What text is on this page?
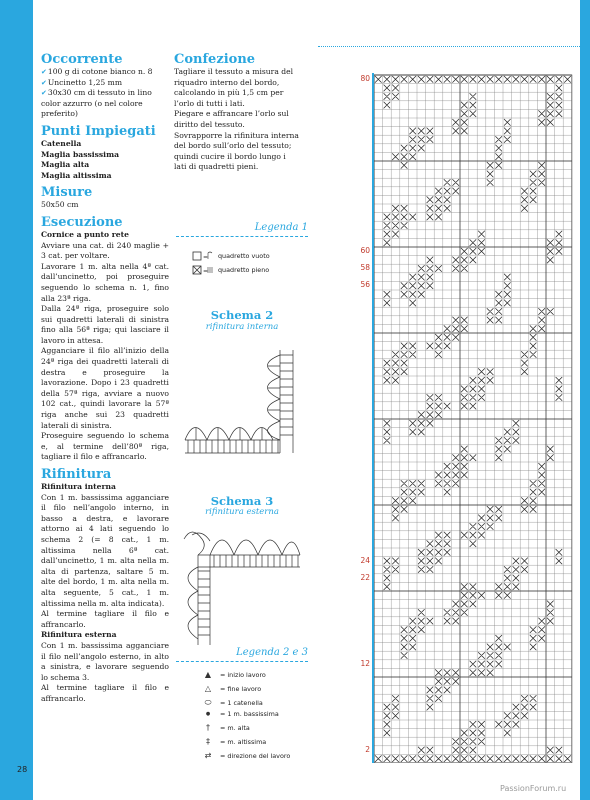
28
Occorrente
✔100 g di cotone bianco n. 8
✔Uncinetto 1,25 mm
✔30x30 cm di tessuto in lino color azzurro (o nel colore preferito)
Punti Impiegati
Catenella
Maglia bassissima
Maglia alta
Maglia altissima
Misure
50x50 cm
Esecuzione
Cornice a punto rete
Avviare una cat. di 240 maglie + 3 cat. per voltare.
Lavorare 1 m. alta nella 4ª cat. dall’uncinetto, poi proseguire seguendo lo schema n. 1, fino alla 23ª riga.
Dalla 24ª riga, proseguire solo sui quadretti laterali di sinistra fino alla 56ª riga; qui lasciare il lavoro in attesa.
Agganciare il filo all’inizio della 24ª riga dei quadretti laterali di destra e proseguire la lavorazione. Dopo i 23 quadretti della 57ª riga, avviare a nuovo 102 cat., quindi lavorare la 57ª riga anche sui 23 quadretti laterali di sinistra.
Proseguire seguendo lo schema e, al termine dell’80ª riga, tagliare il filo e affrancarlo.
Rifinitura
Rifinitura interna
Con 1 m. bassissima agganciare il filo nell’angolo interno, in basso a destra, e lavorare attorno ai 4 lati seguendo lo schema 2 (= 8 cat., 1 m. altissima nella 6ª cat. dall’uncinetto, 1 m. alta nella m. alta di partenza, saltare 5 m. alte del bordo, 1 m. alta nella m. alta seguente, 5 cat., 1 m. altissima nella m. alta indicata).
Al termine tagliare il filo e affrancarlo.
Rifinitura esterna
Con 1 m. bassissima agganciare il filo nell’angolo esterno, in alto a sinistra, e lavorare seguendo lo schema 3.
Al termine tagliare il filo e affrancarlo.
Confezione
Tagliare il tessuto a misura del riquadro interno del bordo, calcolando in più 1,5 cm per l’orlo di tutti i lati.
Piegare e affrancare l’orlo sul diritto del tessuto.
Sovrapporre la rifinitura interna del bordo sull’orlo del tessuto; quindi cucire il bordo lungo i lati di quadretti pieni.
Legenda 1
= quadretto vuoto
= quadretto pieno
Schema 2
rifinitura interna
Schema 3
rifinitura esterna
Legenda 2 e 3
▲	= inizio lavoro
△	= fine lavoro
⬭	= 1 catenella
●	= 1 m. bassissima
†	= m. alta
‡	= m. altissima
⇄	= direzione del lavoro
80
60
58
56
24
22
12
2
PassionForum.ru
